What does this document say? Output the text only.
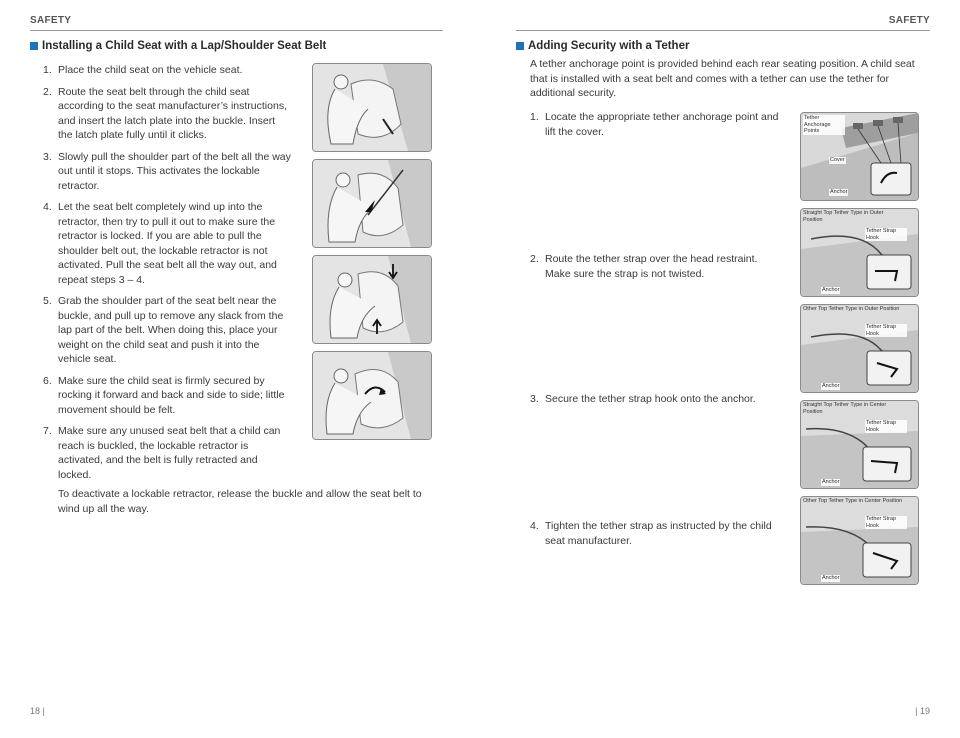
SAFETY
Installing a Child Seat with a Lap/Shoulder Seat Belt
1. Place the child seat on the vehicle seat.
2. Route the seat belt through the child seat according to the seat manufacturer’s instructions, and insert the latch plate into the buckle. Insert the latch plate fully until it clicks.
3. Slowly pull the shoulder part of the belt all the way out until it stops. This activates the lockable retractor.
4. Let the seat belt completely wind up into the retractor, then try to pull it out to make sure the retractor is locked. If you are able to pull the shoulder belt out, the lockable retractor is not activated. Pull the seat belt all the way out, and repeat steps 3 – 4.
5. Grab the shoulder part of the seat belt near the buckle, and pull up to remove any slack from the lap part of the belt. When doing this, place your weight on the child seat and push it into the vehicle seat.
6. Make sure the child seat is firmly secured by rocking it forward and back and side to side; little movement should be felt.
7. Make sure any unused seat belt that a child can reach is buckled, the lockable retractor is activated, and the belt is fully retracted and locked.
To deactivate a lockable retractor, release the buckle and allow the seat belt to wind up all the way.
18 |
SAFETY
Adding Security with a Tether
| 19
A tether anchorage point is provided behind each rear seating position. A child seat that is installed with a seat belt and comes with a tether can use the tether for additional security.
1. Locate the appropriate tether anchorage point and lift the cover.
2. Route the tether strap over the head restraint. Make sure the strap is not twisted.
3. Secure the tether strap hook onto the anchor.
4. Tighten the tether strap as instructed by the child seat manufacturer.
Tether Anchorage Points
Cover
Anchor
Straight Top Tether Type in Outer Position
Tether Strap Hook
Anchor
Other Top Tether Type in Outer Position
Tether Strap Hook
Anchor
Straight Top Tether Type in Center Position
Tether Strap Hook
Anchor
Other Top Tether Type in Center Position
Tether Strap Hook
Anchor
